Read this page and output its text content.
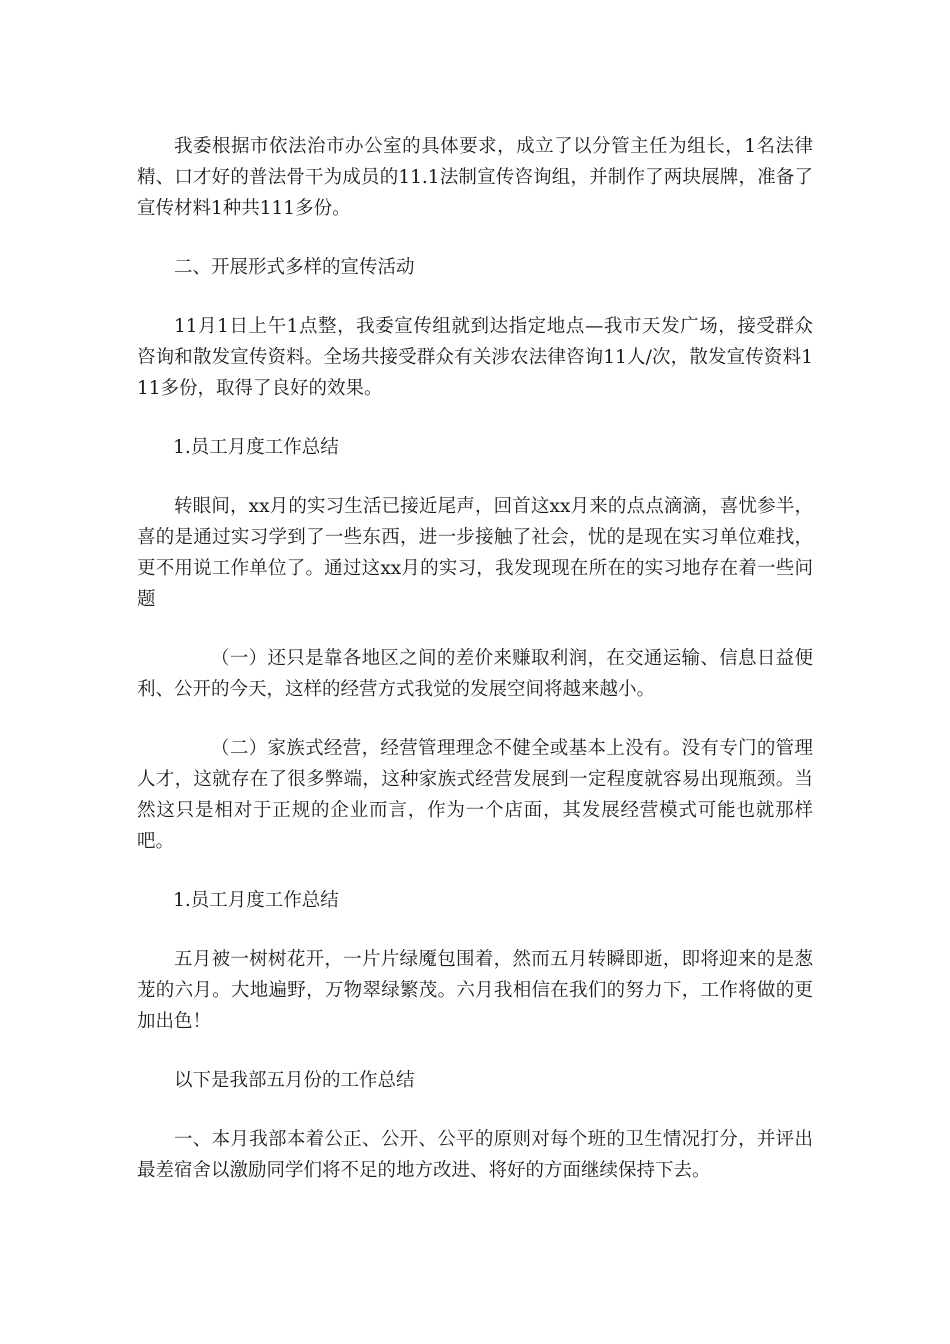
我委根据市依法治市办公室的具体要求，成立了以分管主任为组长，1名法律精、口才好的普法骨干为成员的11.1法制宣传咨询组，并制作了两块展牌，准备了宣传材料1种共111多份。

二、开展形式多样的宣传活动

11月1日上午1点整，我委宣传组就到达指定地点—我市天发广场，接受群众咨询和散发宣传资料。全场共接受群众有关涉农法律咨询11人/次，散发宣传资料111多份，取得了良好的效果。

1.员工月度工作总结

转眼间，xx月的实习生活已接近尾声，回首这xx月来的点点滴滴，喜忧参半，喜的是通过实习学到了一些东西，进一步接触了社会，忧的是现在实习单位难找，更不用说工作单位了。通过这xx月的实习，我发现现在所在的实习地存在着一些问题

（一）还只是靠各地区之间的差价来赚取利润，在交通运输、信息日益便利、公开的今天，这样的经营方式我觉的发展空间将越来越小。

（二）家族式经营，经营管理理念不健全或基本上没有。没有专门的管理人才，这就存在了很多弊端，这种家族式经营发展到一定程度就容易出现瓶颈。当然这只是相对于正规的企业而言，作为一个店面，其发展经营模式可能也就那样吧。

1.员工月度工作总结

五月被一树树花开，一片片绿魇包围着，然而五月转瞬即逝，即将迎来的是葱茏的六月。大地遍野，万物翠绿繁茂。六月我相信在我们的努力下，工作将做的更加出色！

以下是我部五月份的工作总结

一、本月我部本着公正、公开、公平的原则对每个班的卫生情况打分，并评出最差宿舍以激励同学们将不足的地方改进、将好的方面继续保持下去。
